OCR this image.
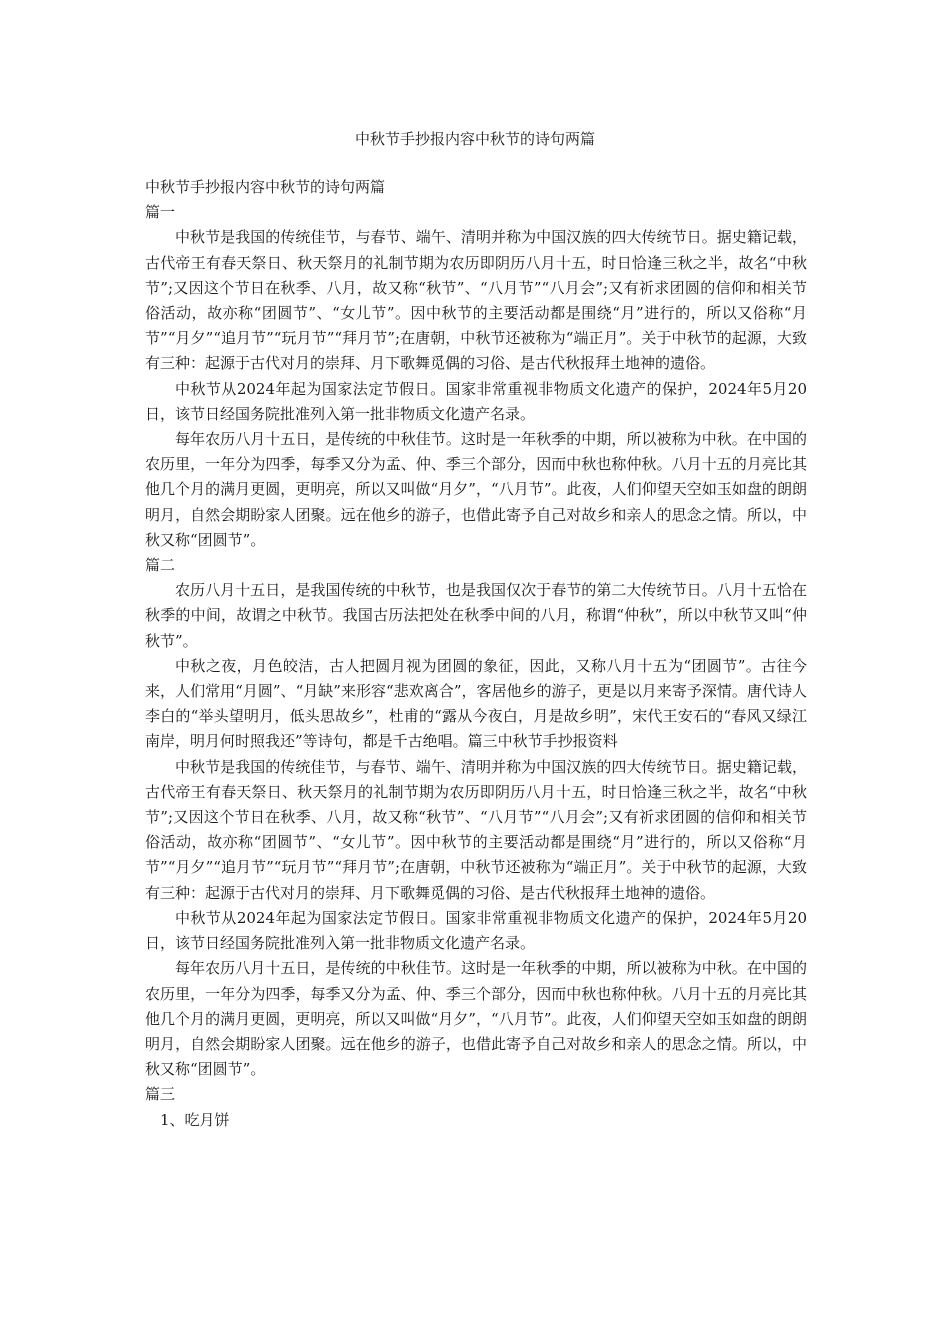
中秋节手抄报内容中秋节的诗句两篇

中秋节手抄报内容中秋节的诗句两篇

篇一

中秋节是我国的传统佳节，与春节、端午、清明并称为中国汉族的四大传统节日。据史籍记载，古代帝王有春天祭日、秋天祭月的礼制节期为农历即阴历八月十五，时日恰逢三秋之半，故名“中秋节”;又因这个节日在秋季、八月，故又称“秋节”、“八月节”“八月会”;又有祈求团圆的信仰和相关节俗活动，故亦称“团圆节”、“女儿节”。因中秋节的主要活动都是围绕“月”进行的，所以又俗称“月节”“月夕”“追月节”“玩月节”“拜月节”;在唐朝，中秋节还被称为“端正月”。关于中秋节的起源，大致有三种：起源于古代对月的崇拜、月下歌舞觅偶的习俗、是古代秋报拜土地神的遗俗。

中秋节从2024年起为国家法定节假日。国家非常重视非物质文化遗产的保护，2024年5月20日，该节日经国务院批准列入第一批非物质文化遗产名录。

每年农历八月十五日，是传统的中秋佳节。这时是一年秋季的中期，所以被称为中秋。在中国的农历里，一年分为四季，每季又分为孟、仲、季三个部分，因而中秋也称仲秋。八月十五的月亮比其他几个月的满月更圆，更明亮，所以又叫做“月夕”，“八月节”。此夜，人们仰望天空如玉如盘的朗朗明月，自然会期盼家人团聚。远在他乡的游子，也借此寄予自己对故乡和亲人的思念之情。所以，中秋又称“团圆节”。

篇二

农历八月十五日，是我国传统的中秋节，也是我国仅次于春节的第二大传统节日。八月十五恰在秋季的中间，故谓之中秋节。我国古历法把处在秋季中间的八月，称谓“仲秋”，所以中秋节又叫“仲秋节”。

中秋之夜，月色皎洁，古人把圆月视为团圆的象征，因此，又称八月十五为“团圆节”。古往今来，人们常用“月圆”、“月缺”来形容“悲欢离合”，客居他乡的游子，更是以月来寄予深情。唐代诗人李白的“举头望明月，低头思故乡”，杜甫的“露从今夜白，月是故乡明”，宋代王安石的“春风又绿江南岸，明月何时照我还”等诗句，都是千古绝唱。篇三中秋节手抄报资料

中秋节是我国的传统佳节，与春节、端午、清明并称为中国汉族的四大传统节日。据史籍记载，古代帝王有春天祭日、秋天祭月的礼制节期为农历即阴历八月十五，时日恰逢三秋之半，故名“中秋节”;又因这个节日在秋季、八月，故又称“秋节”、“八月节”“八月会”;又有祈求团圆的信仰和相关节俗活动，故亦称“团圆节”、“女儿节”。因中秋节的主要活动都是围绕“月”进行的，所以又俗称“月节”“月夕”“追月节”“玩月节”“拜月节”;在唐朝，中秋节还被称为“端正月”。关于中秋节的起源，大致有三种：起源于古代对月的崇拜、月下歌舞觅偶的习俗、是古代秋报拜土地神的遗俗。

中秋节从2024年起为国家法定节假日。国家非常重视非物质文化遗产的保护，2024年5月20日，该节日经国务院批准列入第一批非物质文化遗产名录。

每年农历八月十五日，是传统的中秋佳节。这时是一年秋季的中期，所以被称为中秋。在中国的农历里，一年分为四季，每季又分为孟、仲、季三个部分，因而中秋也称仲秋。八月十五的月亮比其他几个月的满月更圆，更明亮，所以又叫做“月夕”，“八月节”。此夜，人们仰望天空如玉如盘的朗朗明月，自然会期盼家人团聚。远在他乡的游子，也借此寄予自己对故乡和亲人的思念之情。所以，中秋又称“团圆节”。

篇三

1、吃月饼
